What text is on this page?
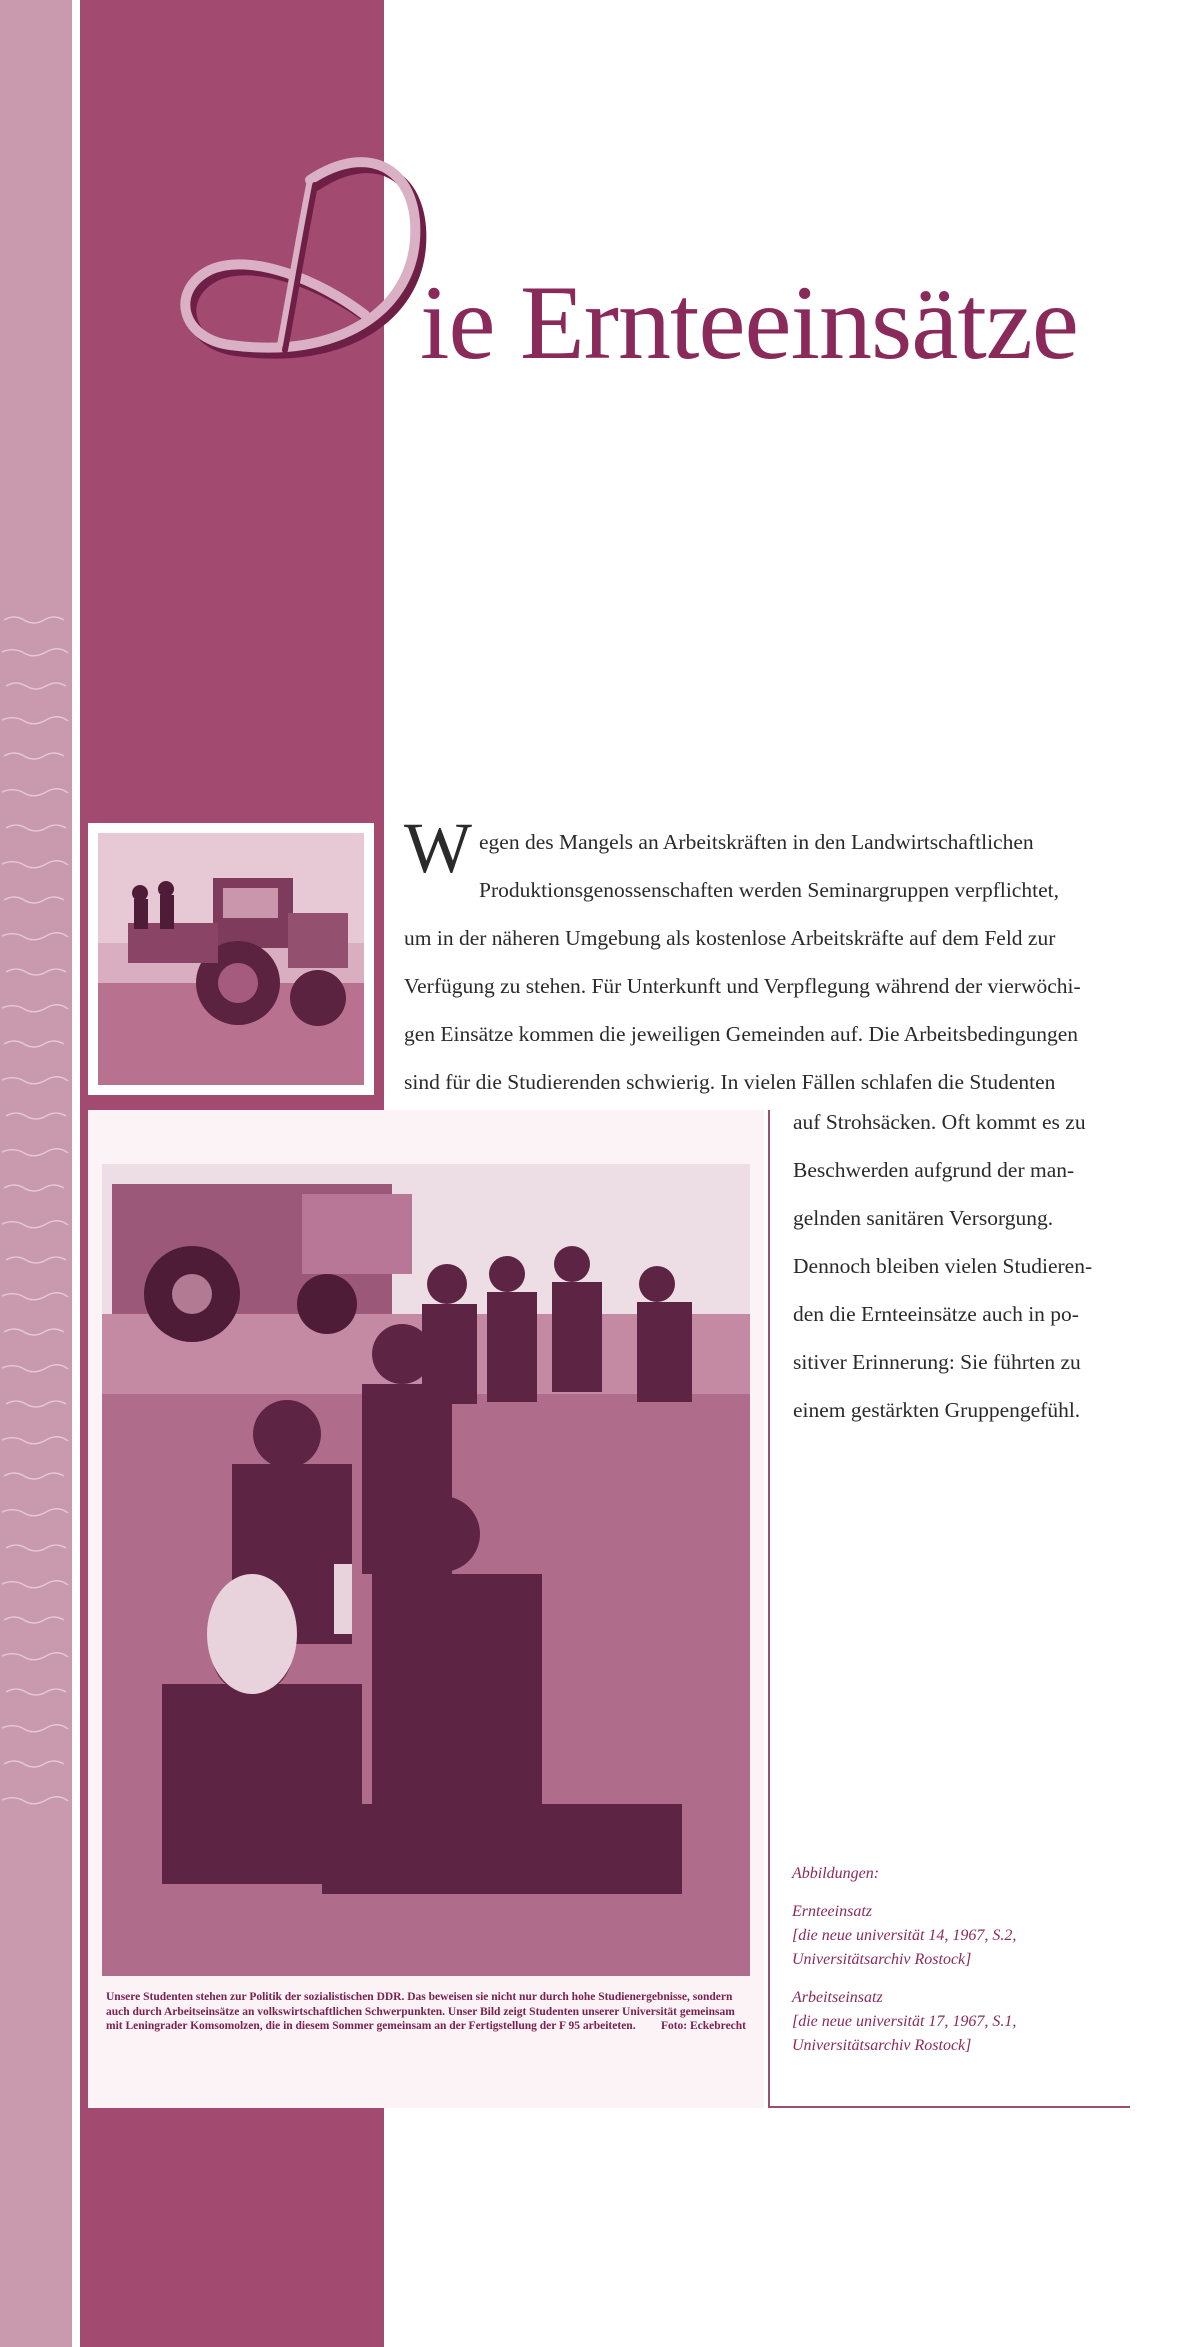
ie Ernteeinsätze
Unsere Studenten stehen zur Politik der sozialistischen DDR. Das beweisen sie nicht nur durch hohe Studienergebnisse, sondern auch durch Arbeitseinsätze an volkswirtschaftlichen Schwerpunkten. Unser Bild zeigt Studenten unserer Universität gemeinsam mit Leningrader Komsomolzen, die in diesem Sommer gemeinsam an der Fertigstellung der F 95 arbeiteten. Foto: Eckebrecht
W egen des Mangels an Arbeitskräften in den Landwirtschaftlichen
Produktionsgenossenschaften werden Seminargruppen verpflichtet,
um in der näheren Umgebung als kostenlose Arbeitskräfte auf dem Feld zur
Verfügung zu stehen. Für Unterkunft und Verpflegung während der vierwöchi-
gen Einsätze kommen die jeweiligen Gemeinden auf. Die Arbeitsbedingungen
sind für die Studierenden schwierig. In vielen Fällen schlafen die Studenten
auf Strohsäcken. Oft kommt es zu
Beschwerden aufgrund der man-
gelnden sanitären Versorgung.
Dennoch bleiben vielen Studieren-
den die Ernteeinsätze auch in po-
sitiver Erinnerung: Sie führten zu
einem gestärkten Gruppengefühl.
Abbildungen:
Ernteeinsatz
[die neue universität 14, 1967, S.2,
Universitätsarchiv Rostock]
Arbeitseinsatz
[die neue universität 17, 1967, S.1,
Universitätsarchiv Rostock]
